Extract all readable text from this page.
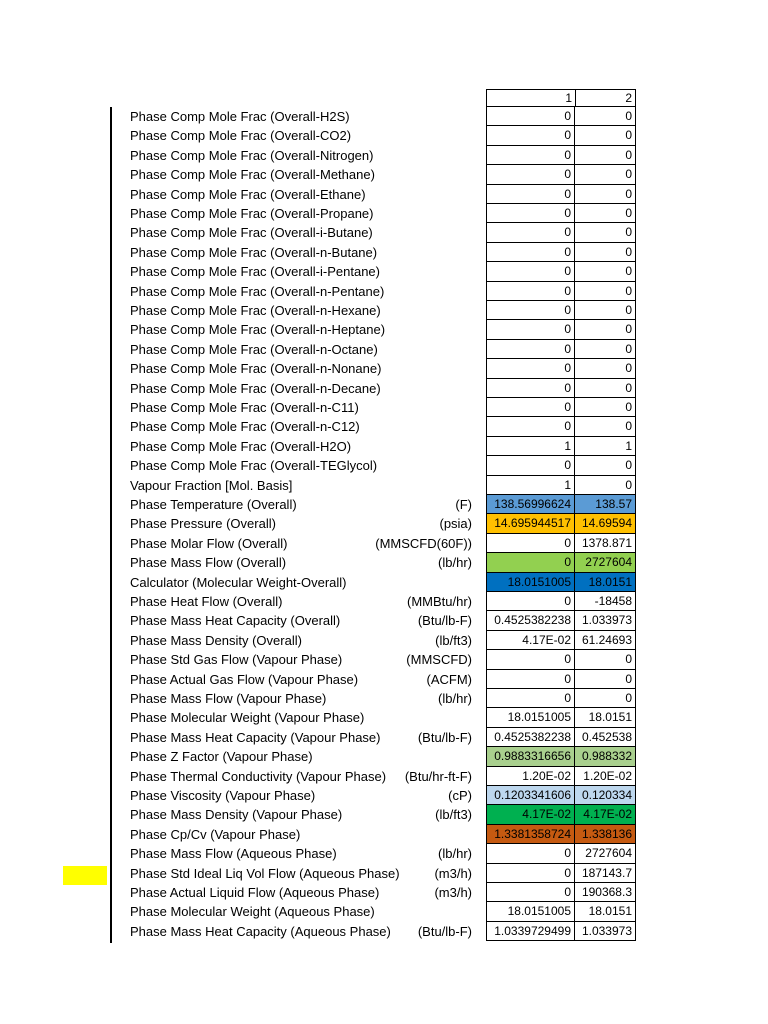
1	2
Phase Comp Mole Frac (Overall-H2S)	0	0
Phase Comp Mole Frac (Overall-CO2)	0	0
Phase Comp Mole Frac (Overall-Nitrogen)	0	0
Phase Comp Mole Frac (Overall-Methane)	0	0
Phase Comp Mole Frac (Overall-Ethane)	0	0
Phase Comp Mole Frac (Overall-Propane)	0	0
Phase Comp Mole Frac (Overall-i-Butane)	0	0
Phase Comp Mole Frac (Overall-n-Butane)	0	0
Phase Comp Mole Frac (Overall-i-Pentane)	0	0
Phase Comp Mole Frac (Overall-n-Pentane)	0	0
Phase Comp Mole Frac (Overall-n-Hexane)	0	0
Phase Comp Mole Frac (Overall-n-Heptane)	0	0
Phase Comp Mole Frac (Overall-n-Octane)	0	0
Phase Comp Mole Frac (Overall-n-Nonane)	0	0
Phase Comp Mole Frac (Overall-n-Decane)	0	0
Phase Comp Mole Frac (Overall-n-C11)	0	0
Phase Comp Mole Frac (Overall-n-C12)	0	0
Phase Comp Mole Frac (Overall-H2O)	1	1
Phase Comp Mole Frac (Overall-TEGlycol)	0	0
Vapour Fraction [Mol. Basis]	1	0
Phase Temperature (Overall)	(F)	138.56996624	138.57
Phase Pressure (Overall)	(psia)	14.695944517 14.69594
Phase Molar Flow (Overall)	(MMSCFD(60F))	0 1378.871
Phase Mass Flow (Overall)	(lb/hr)	0	2727604
Calculator (Molecular Weight-Overall)	18.0151005	18.0151
Phase Heat Flow (Overall)	(MMBtu/hr)	0	-18458
Phase Mass Heat Capacity (Overall)	(Btu/lb-F)	0.4525382238 1.033973
Phase Mass Density (Overall)	(lb/ft3)	4.17E-02 61.24693
Phase Std Gas Flow (Vapour Phase)	(MMSCFD)	0	0
Phase Actual Gas Flow (Vapour Phase)	(ACFM)	0	0
Phase Mass Flow (Vapour Phase)	(lb/hr)	0	0
Phase Molecular Weight (Vapour Phase)	18.0151005	18.0151
Phase Mass Heat Capacity (Vapour Phase)	(Btu/lb-F)	0.4525382238 0.452538
Phase Z Factor (Vapour Phase)	0.9883316656 0.988332
Phase Thermal Conductivity (Vapour Phase) (Btu/hr-ft-F)	1.20E-02	1.20E-02
Phase Viscosity (Vapour Phase)	(cP)	0.1203341606 0.120334
Phase Mass Density (Vapour Phase)	(lb/ft3)	4.17E-02	4.17E-02
Phase Cp/Cv (Vapour Phase)	1.3381358724 1.338136
Phase Mass Flow (Aqueous Phase)	(lb/hr)	0	2727604
Phase Std Ideal Liq Vol Flow (Aqueous Phase)	(m3/h)	0 187143.7
Phase Actual Liquid Flow (Aqueous Phase)	(m3/h)	0 190368.3
Phase Molecular Weight (Aqueous Phase)	18.0151005	18.0151
Phase Mass Heat Capacity (Aqueous Phase) (Btu/lb-F)	1.0339729499 1.033973
